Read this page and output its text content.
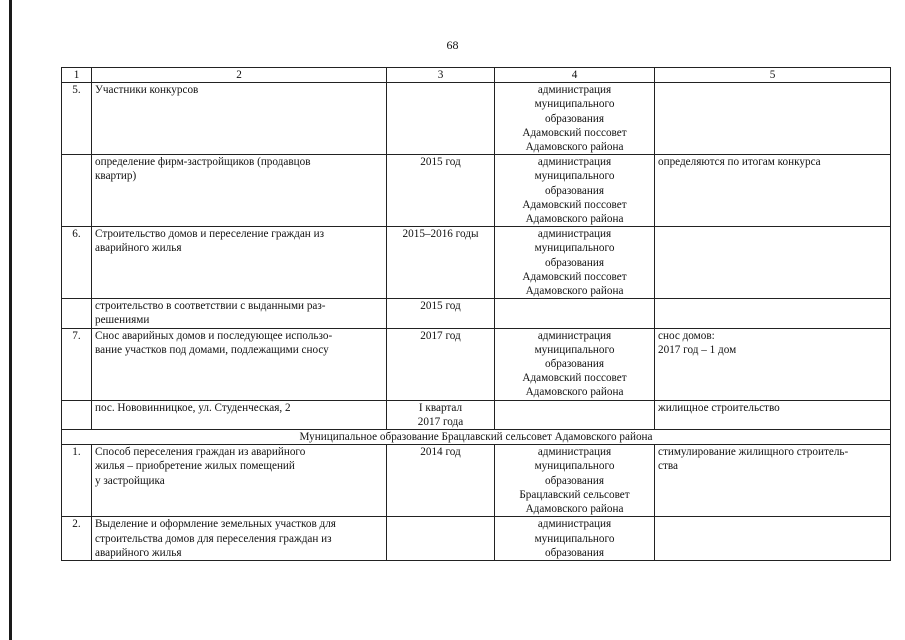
68
1	2	3	4	5
5.	Участники конкурсов		администрация
муниципального
образования
Адамовский поссовет
Адамовского района	

	определение фирм-застройщиков (продавцов
квартир)	2015 год	администрация
муниципального
образования
Адамовский поссовет
Адамовского района	определяются по итогам конкурса

6.	Строительство домов и переселение граждан из
аварийного жилья	2015–2016 годы	администрация
муниципального
образования
Адамовский поссовет
Адамовского района	

	строительство в соответствии с выданными раз-
решениями	2015 год		

7.	Снос аварийных домов и последующее использо-
вание участков под домами, подлежащими сносу	2017 год	администрация
муниципального
образования
Адамовский поссовет
Адамовского района	снос домов:
2017 год – 1 дом

	пос. Нововинницкое, ул. Студенческая, 2	I квартал
2017 года		жилищное строительство

Муниципальное образование Брацлавский сельсовет Адамовского района				
1.	Способ переселения граждан из аварийного
жилья – приобретение жилых помещений
у застройщика	2014 год	администрация
муниципального
образования
Брацлавский сельсовет
Адамовского района	стимулирование жилищного строитель-
ства

2.	Выделение и оформление земельных участков для
строительства домов для переселения граждан из
аварийного жилья		администрация
муниципального
образования	
